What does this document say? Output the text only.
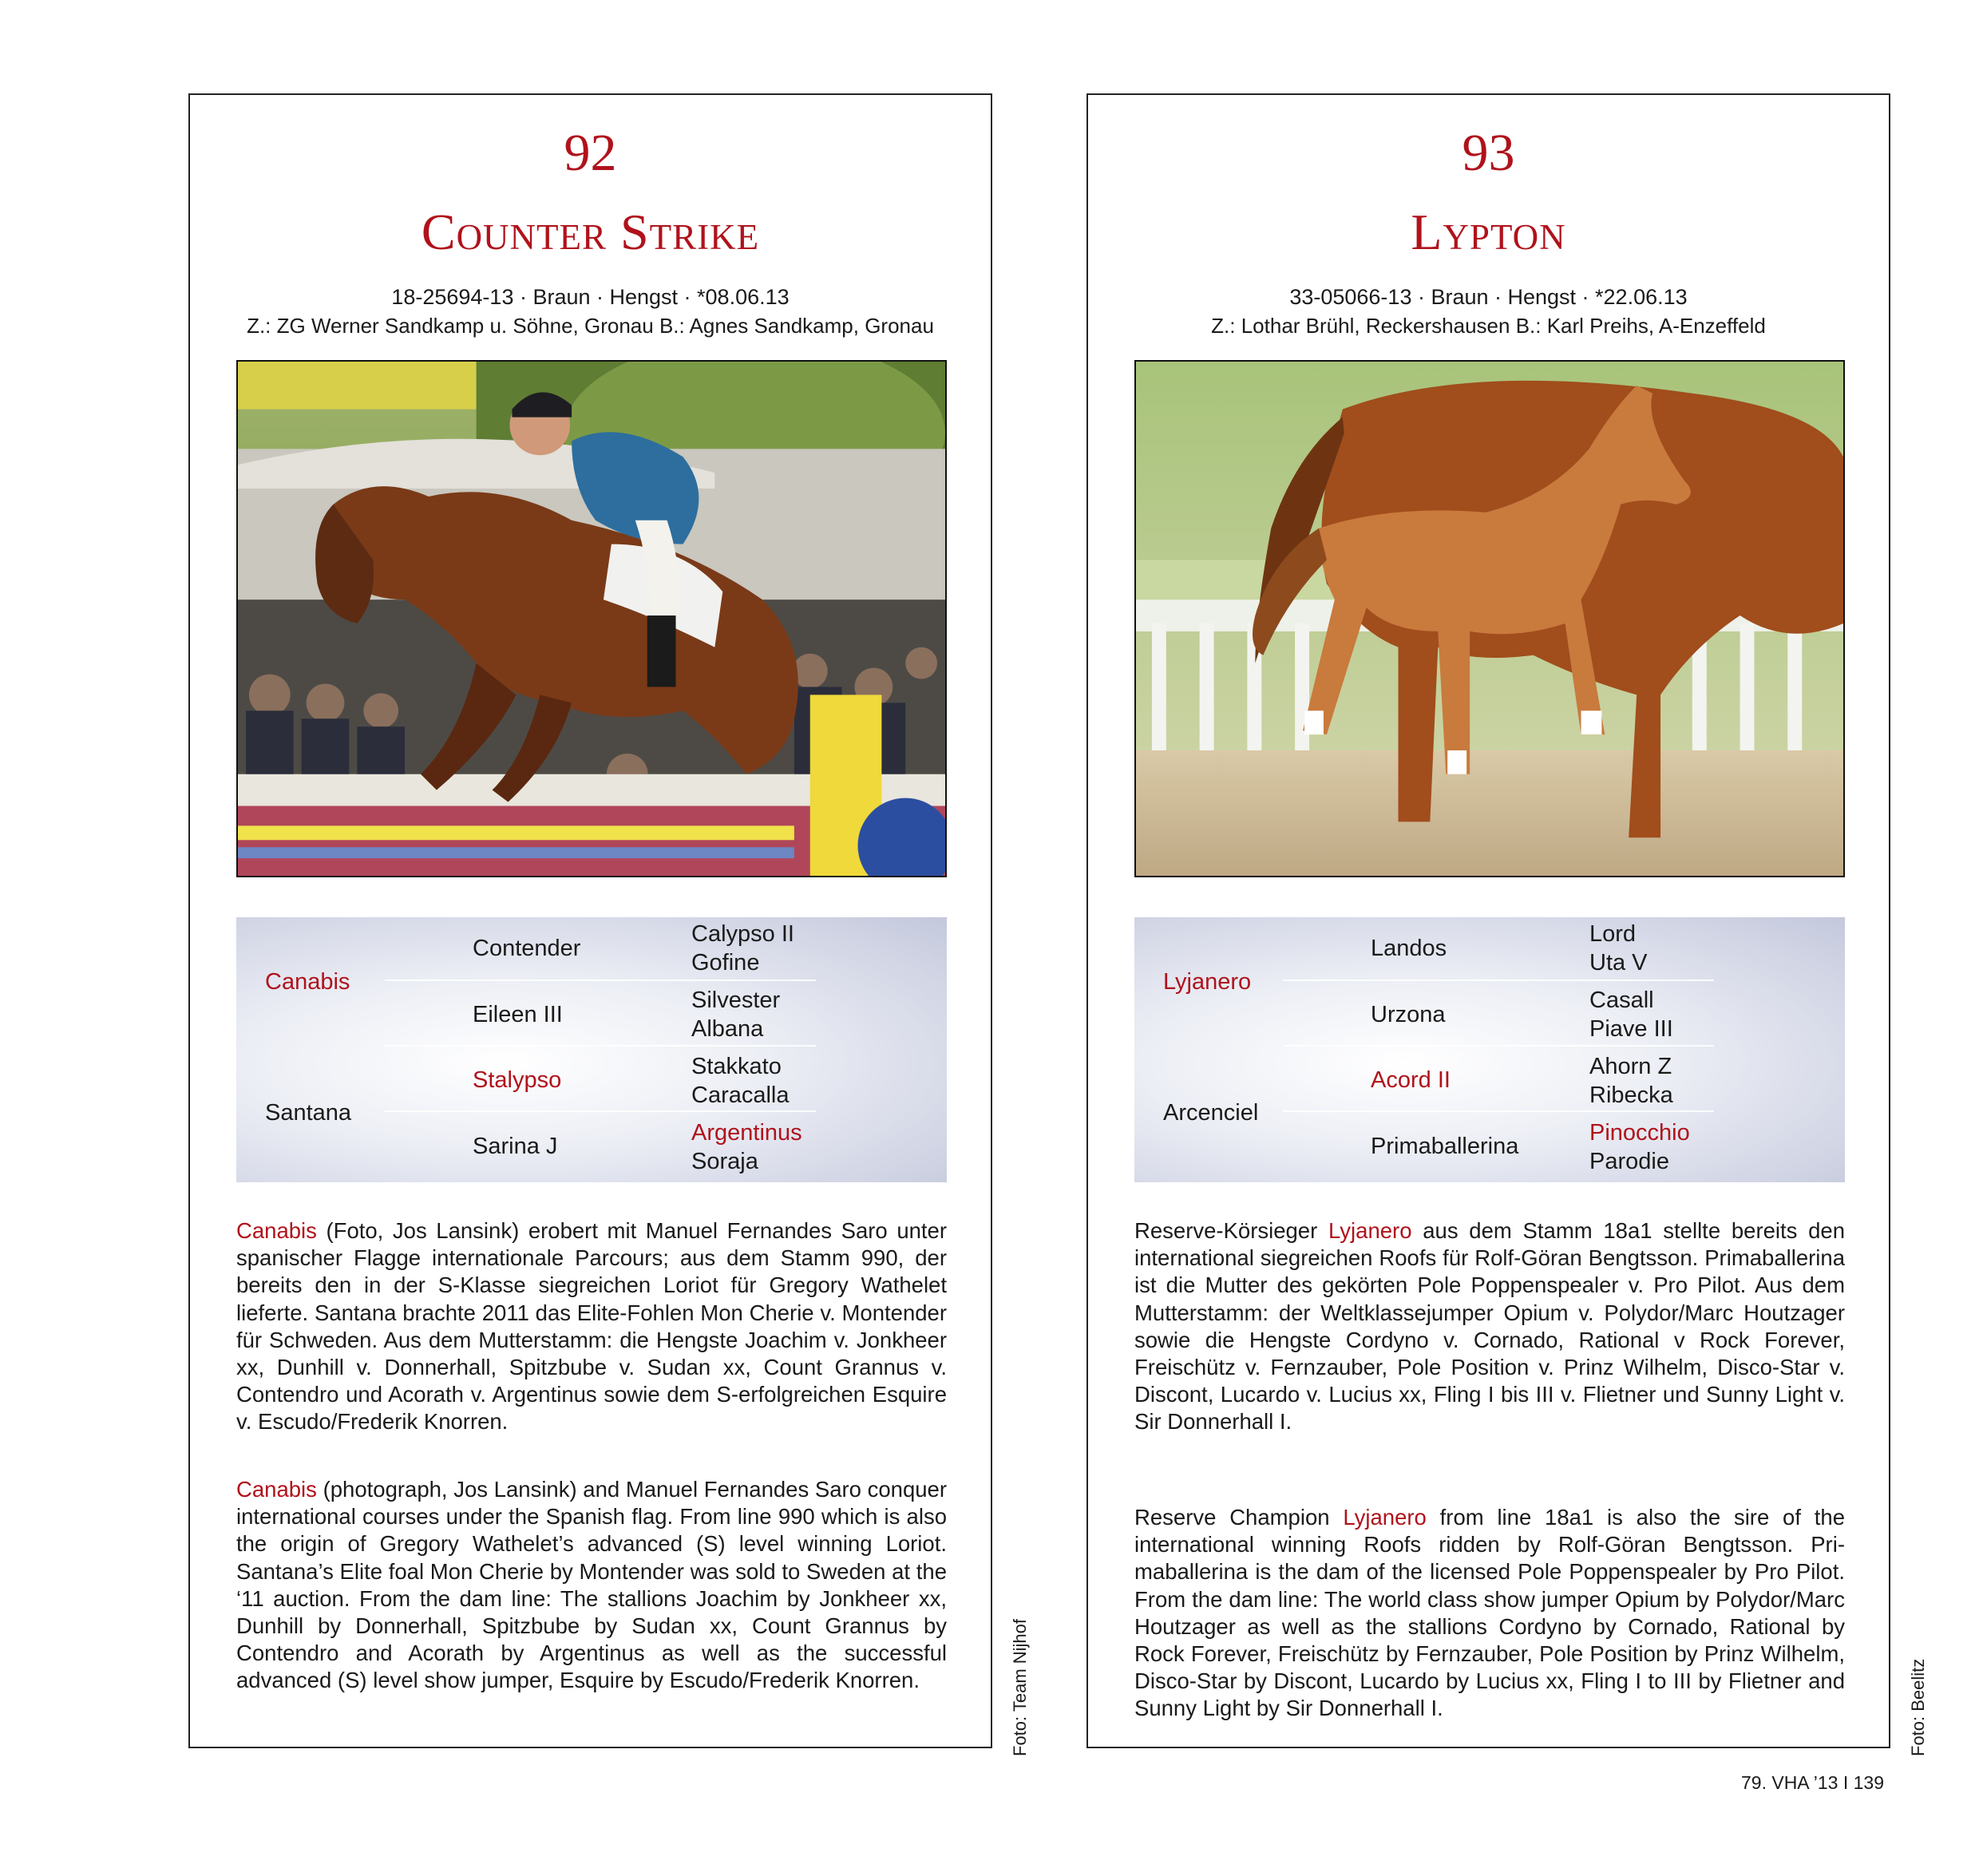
92
Counter Strike
18-25694-13 · Braun · Hengst · *08.06.13
Z.: ZG Werner Sandkamp u. Söhne, Gronau B.: Agnes Sandkamp, Gronau
Canabis
Santana
Contender
Eileen III
Stalypso
Sarina J
Calypso II
Gofine
Silvester
Albana
Stakkato
Caracalla
Argentinus
Soraja
Canabis (Foto, Jos Lansink) erobert mit Manuel Fernandes Saro unter spanischer Flagge internationale Parcours; aus dem Stamm 990, der bereits den in der S-Klasse siegreichen Loriot für Gregory Wathelet lieferte. Santana brachte 2011 das Elite-Fohlen Mon Cherie v. Montender für Schweden. Aus dem Mutterstamm: die Hengste Joachim v. Jonkheer xx, Dunhill v. Donnerhall, Spitzbube v. Sudan xx, Count Grannus v. Contendro und Acorath v. Argentinus sowie dem S-erfolgreichen Esquire v. Escudo/Frederik Knorren.
Canabis (photograph, Jos Lansink) and Manuel Fernandes Saro conquer international courses under the Spanish flag. From line 990 which is also the origin of Gregory Wathelet’s advanced (S) level winning Loriot. Santana’s Elite foal Mon Cherie by Montender was sold to Sweden at the ‘11 auction. From the dam line: The stallions Joachim by Jonkheer xx, Dunhill by Donnerhall, Spitzbube by Sudan xx, Count Grannus by Contendro and Acorath by Argentinus as well as the successful advanced (S) level show jumper, Esquire by Escudo/Frederik Knorren.	Foto: Team Nijhof
93
Lypton
33-05066-13 · Braun · Hengst · *22.06.13
Z.: Lothar Brühl, Reckershausen B.: Karl Preihs, A-Enzeffeld
Lyjanero
Arcenciel
Landos
Urzona
Acord II
Primaballerina
Lord
Uta V
Casall
Piave III
Ahorn Z
Ribecka
Pinocchio
Parodie
Reserve-Körsieger Lyjanero aus dem Stamm 18a1 stellte bereits den international siegreichen Roofs für Rolf-Göran Bengtsson. Primaballerina ist die Mutter des gekörten Pole Poppenspealer v. Pro Pilot. Aus dem Mutterstamm: der Weltklassejumper Opium v. Polydor/Marc Houtzager sowie die Hengste Cordyno v. Cornado, Rational v Rock Forever, Freischütz v. Fernzauber, Pole Position v. Prinz Wilhelm, Disco-Star v. Discont, Lucardo v. Lucius xx, Fling I bis III v. Flietner und Sunny Light v. Sir Donnerhall I.
Reserve Champion Lyjanero from line 18a1 is also the sire of the international winning Roofs ridden by Rolf-Göran Bengtsson. Primaballerina is the dam of the licensed Pole Poppenspealer by Pro Pilot. From the dam line: The world class show jumper Opium by Polydor/Marc Houtzager as well as the stallions Cordyno by Cornado, Rational by Rock Forever, Freischütz by Fernzauber, Pole Position by Prinz Wilhelm, Disco-Star by Discont, Lucardo by Lucius xx, Fling I to III by Flietner and Sunny Light by Sir Donnerhall I.	Foto: Beelitz
79. VHA ’13 I 139
